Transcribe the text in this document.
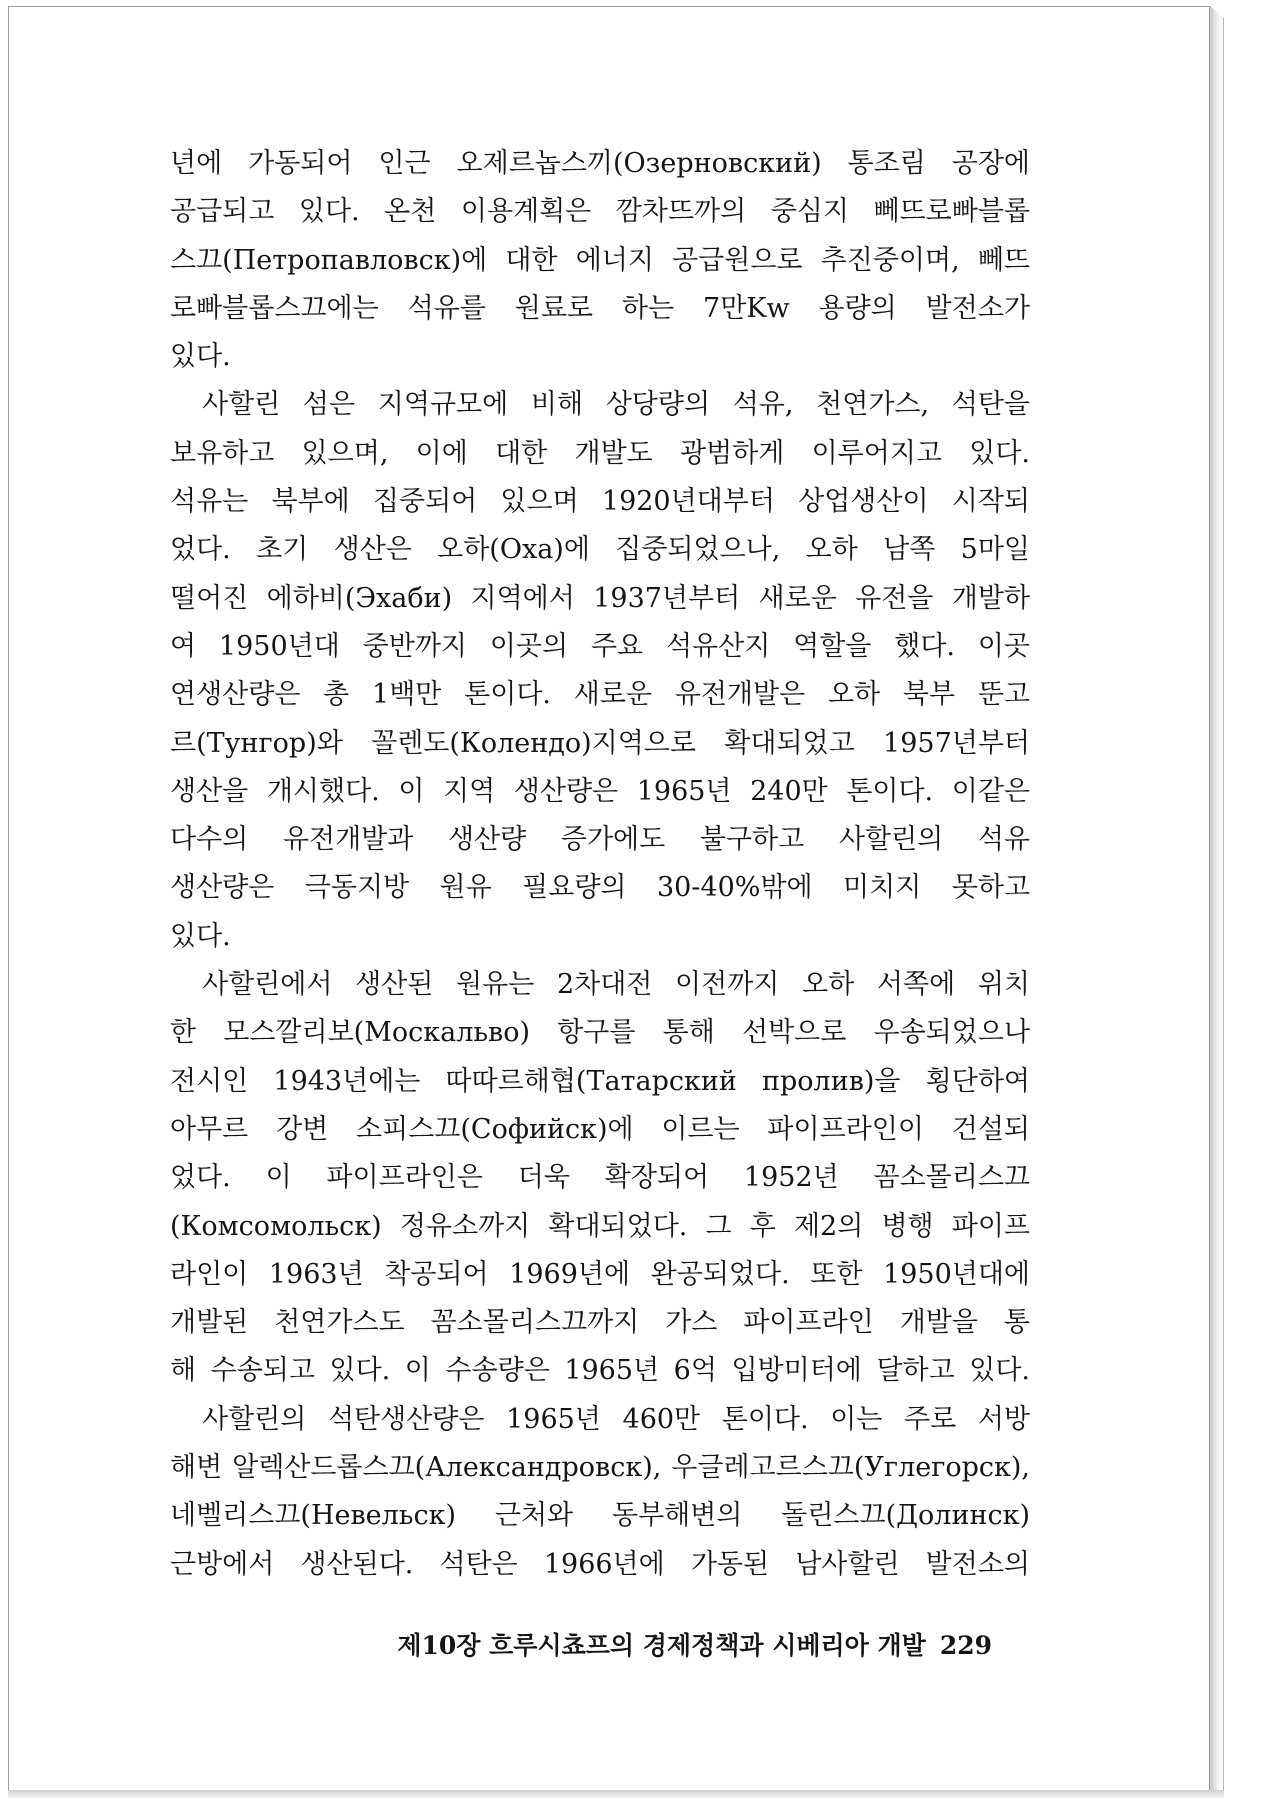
년에 가동되어 인근 오제르놉스끼(Озерновский) 통조림 공장에
공급되고 있다. 온천 이용계획은 깜차뜨까의 중심지 뻬뜨로빠블롭
스끄(Петропавловск)에 대한 에너지 공급원으로 추진중이며, 뻬뜨
로빠블롭스끄에는 석유를 원료로 하는 7만Kw 용량의 발전소가
있다.
사할린 섬은 지역규모에 비해 상당량의 석유, 천연가스, 석탄을
보유하고 있으며, 이에 대한 개발도 광범하게 이루어지고 있다.
석유는 북부에 집중되어 있으며 1920년대부터 상업생산이 시작되
었다. 초기 생산은 오하(Оха)에 집중되었으나, 오하 남쪽 5마일
떨어진 에하비(Эхаби) 지역에서 1937년부터 새로운 유전을 개발하
여 1950년대 중반까지 이곳의 주요 석유산지 역할을 했다. 이곳
연생산량은 총 1백만 톤이다. 새로운 유전개발은 오하 북부 뚠고
르(Тунгор)와 꼴렌도(Колендо)지역으로 확대되었고 1957년부터
생산을 개시했다. 이 지역 생산량은 1965년 240만 톤이다. 이같은
다수의 유전개발과 생산량 증가에도 불구하고 사할린의 석유
생산량은 극동지방 원유 필요량의 30-40%밖에 미치지 못하고
있다.
사할린에서 생산된 원유는 2차대전 이전까지 오하 서쪽에 위치
한 모스깔리보(Москальво) 항구를 통해 선박으로 우송되었으나
전시인 1943년에는 따따르해협(Татарский пролив)을 횡단하여
아무르 강변 소피스끄(Софийск)에 이르는 파이프라인이 건설되
었다. 이 파이프라인은 더욱 확장되어 1952년 꼼소몰리스끄
(Комсомольск) 정유소까지 확대되었다. 그 후 제2의 병행 파이프
라인이 1963년 착공되어 1969년에 완공되었다. 또한 1950년대에
개발된 천연가스도 꼼소몰리스끄까지 가스 파이프라인 개발을 통
해 수송되고 있다. 이 수송량은 1965년 6억 입방미터에 달하고 있다.
사할린의 석탄생산량은 1965년 460만 톤이다. 이는 주로 서방
해변 알렉산드롭스끄(Александровск), 우글레고르스끄(Углегорск),
네벨리스끄(Невельск) 근처와 동부해변의 돌린스끄(Долинск)
근방에서 생산된다. 석탄은 1966년에 가동된 남사할린 발전소의
제10장 흐루시쵸프의 경제정책과 시베리아 개발 229
